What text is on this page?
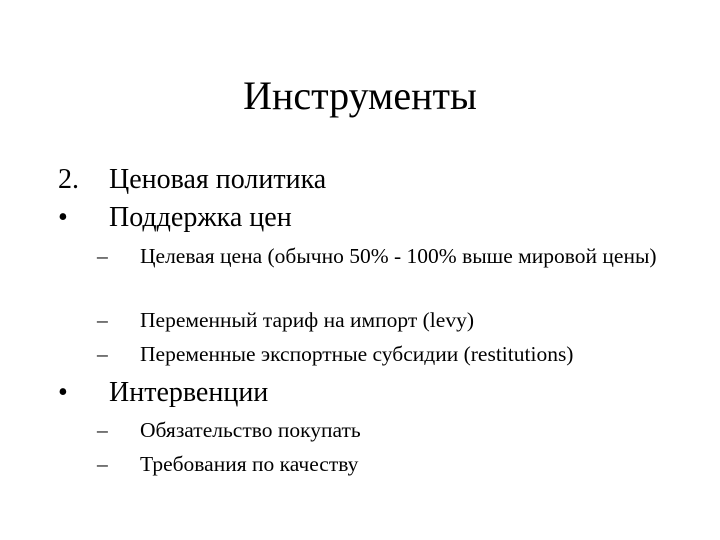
Инструменты
2. Ценовая политика
• Поддержка цен
– Целевая цена (обычно 50% - 100% выше мировой цены)
– Переменный тариф на импорт (levy)
– Переменные экспортные субсидии (restitutions)
• Интервенции
– Обязательство покупать
– Требования по качеству
